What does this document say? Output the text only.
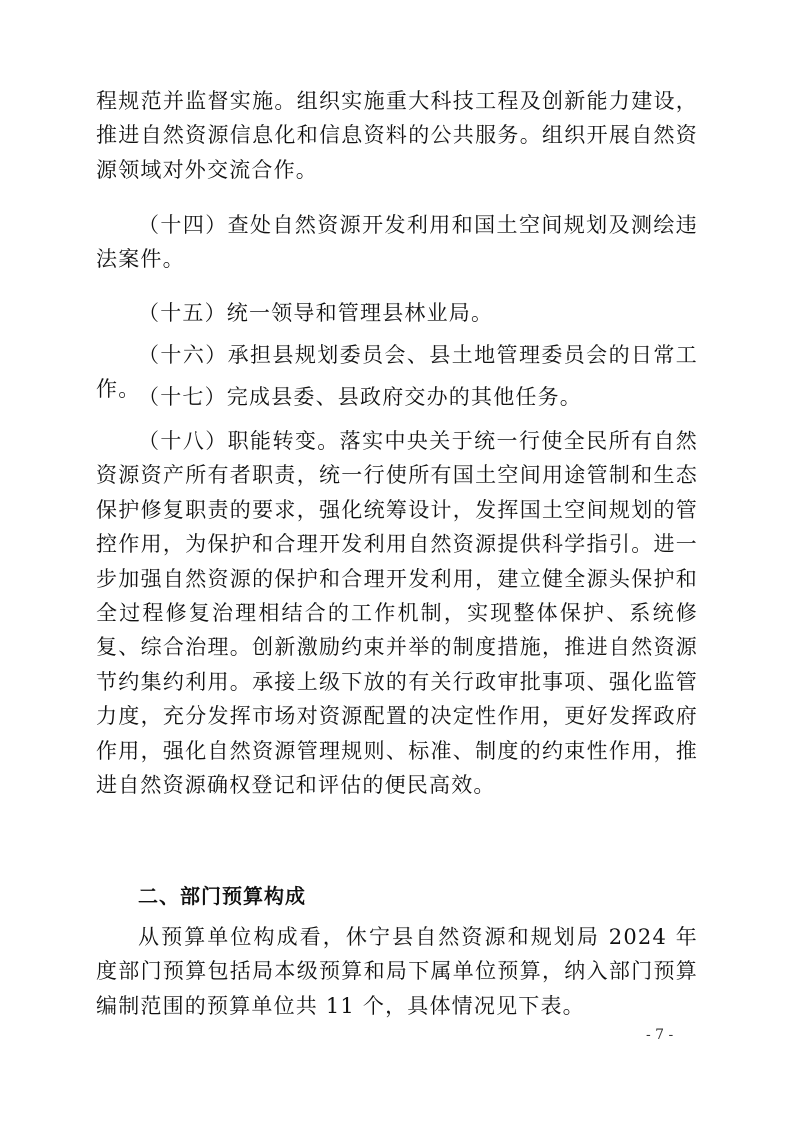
程规范并监督实施。组织实施重大科技工程及创新能力建设，推进自然资源信息化和信息资料的公共服务。组织开展自然资源领域对外交流合作。

（十四）查处自然资源开发利用和国土空间规划及测绘违法案件。

（十五）统一领导和管理县林业局。

（十六）承担县规划委员会、县土地管理委员会的日常工作。

（十七）完成县委、县政府交办的其他任务。

（十八）职能转变。落实中央关于统一行使全民所有自然资源资产所有者职责，统一行使所有国土空间用途管制和生态保护修复职责的要求，强化统筹设计，发挥国土空间规划的管控作用，为保护和合理开发利用自然资源提供科学指引。进一步加强自然资源的保护和合理开发利用，建立健全源头保护和全过程修复治理相结合的工作机制，实现整体保护、系统修复、综合治理。创新激励约束并举的制度措施，推进自然资源节约集约利用。承接上级下放的有关行政审批事项、强化监管力度，充分发挥市场对资源配置的决定性作用，更好发挥政府作用，强化自然资源管理规则、标准、制度的约束性作用，推进自然资源确权登记和评估的便民高效。

二、部门预算构成

从预算单位构成看，休宁县自然资源和规划局 2024 年度部门预算包括局本级预算和局下属单位预算，纳入部门预算编制范围的预算单位共 11 个，具体情况见下表。

- 7 -
